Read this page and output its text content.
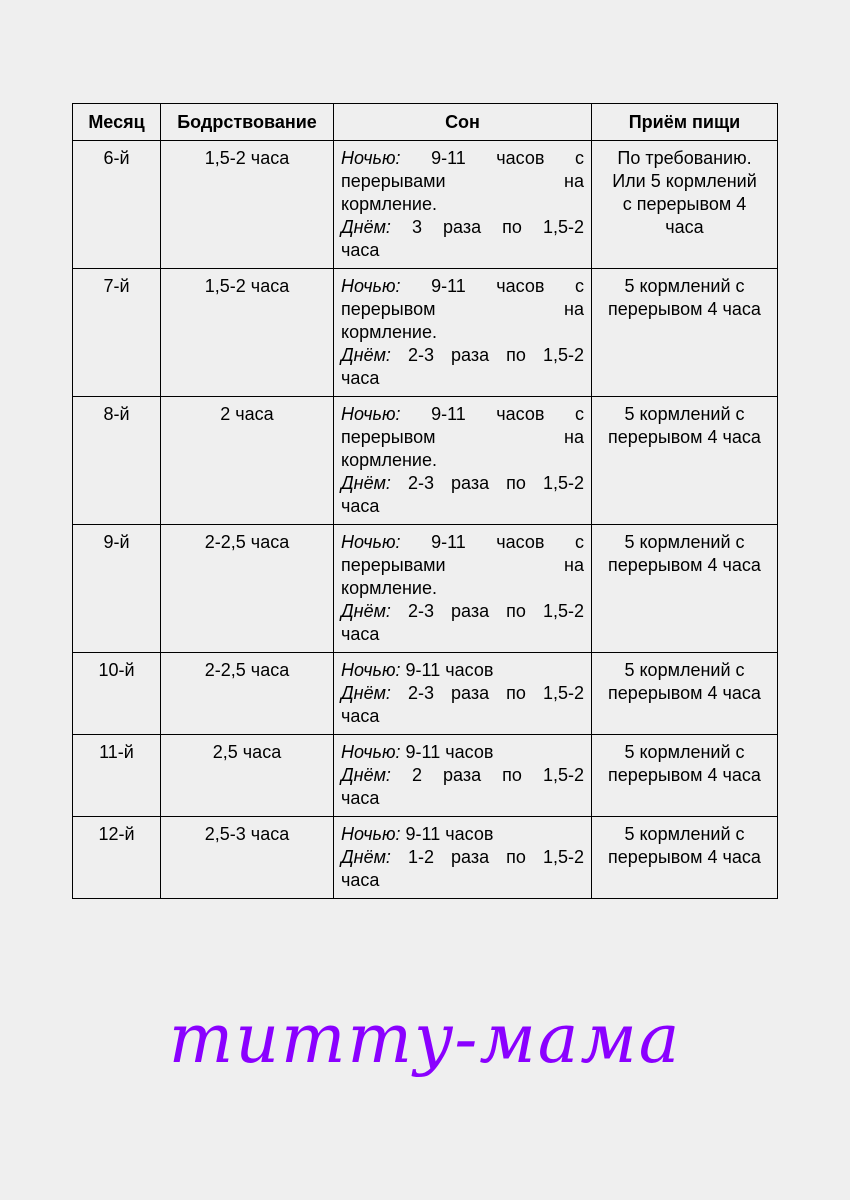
Месяц	Бодрствование	Сон	Приём пищи
6-й	1,5-2 часа	Ночью: 9-11 часов с
перерывами на
кормление.
Днём: 3 раза по 1,5-2
часа	По требованию.
Или 5 кормлений
с перерывом 4
часа

7-й	1,5-2 часа	Ночью: 9-11 часов с
перерывом на
кормление.
Днём: 2-3 раза по 1,5-2
часа	5 кормлений с
перерывом 4 часа

8-й	2 часа	Ночью: 9-11 часов с
перерывом на
кормление.
Днём: 2-3 раза по 1,5-2
часа	5 кормлений с
перерывом 4 часа

9-й	2-2,5 часа	Ночью: 9-11 часов с
перерывами на
кормление.
Днём: 2-3 раза по 1,5-2
часа	5 кормлений с
перерывом 4 часа

10-й	2-2,5 часа	Ночью: 9-11 часов
Днём: 2-3 раза по 1,5-2
часа	5 кормлений с
перерывом 4 часа

11-й	2,5 часа	Ночью: 9-11 часов
Днём: 2 раза по 1,5-2
часа	5 кормлений с
перерывом 4 часа

12-й	2,5-3 часа	Ночью: 9-11 часов
Днём: 1-2 раза по 1,5-2
часа	5 кормлений с
перерывом 4 часа
mummy-мама
